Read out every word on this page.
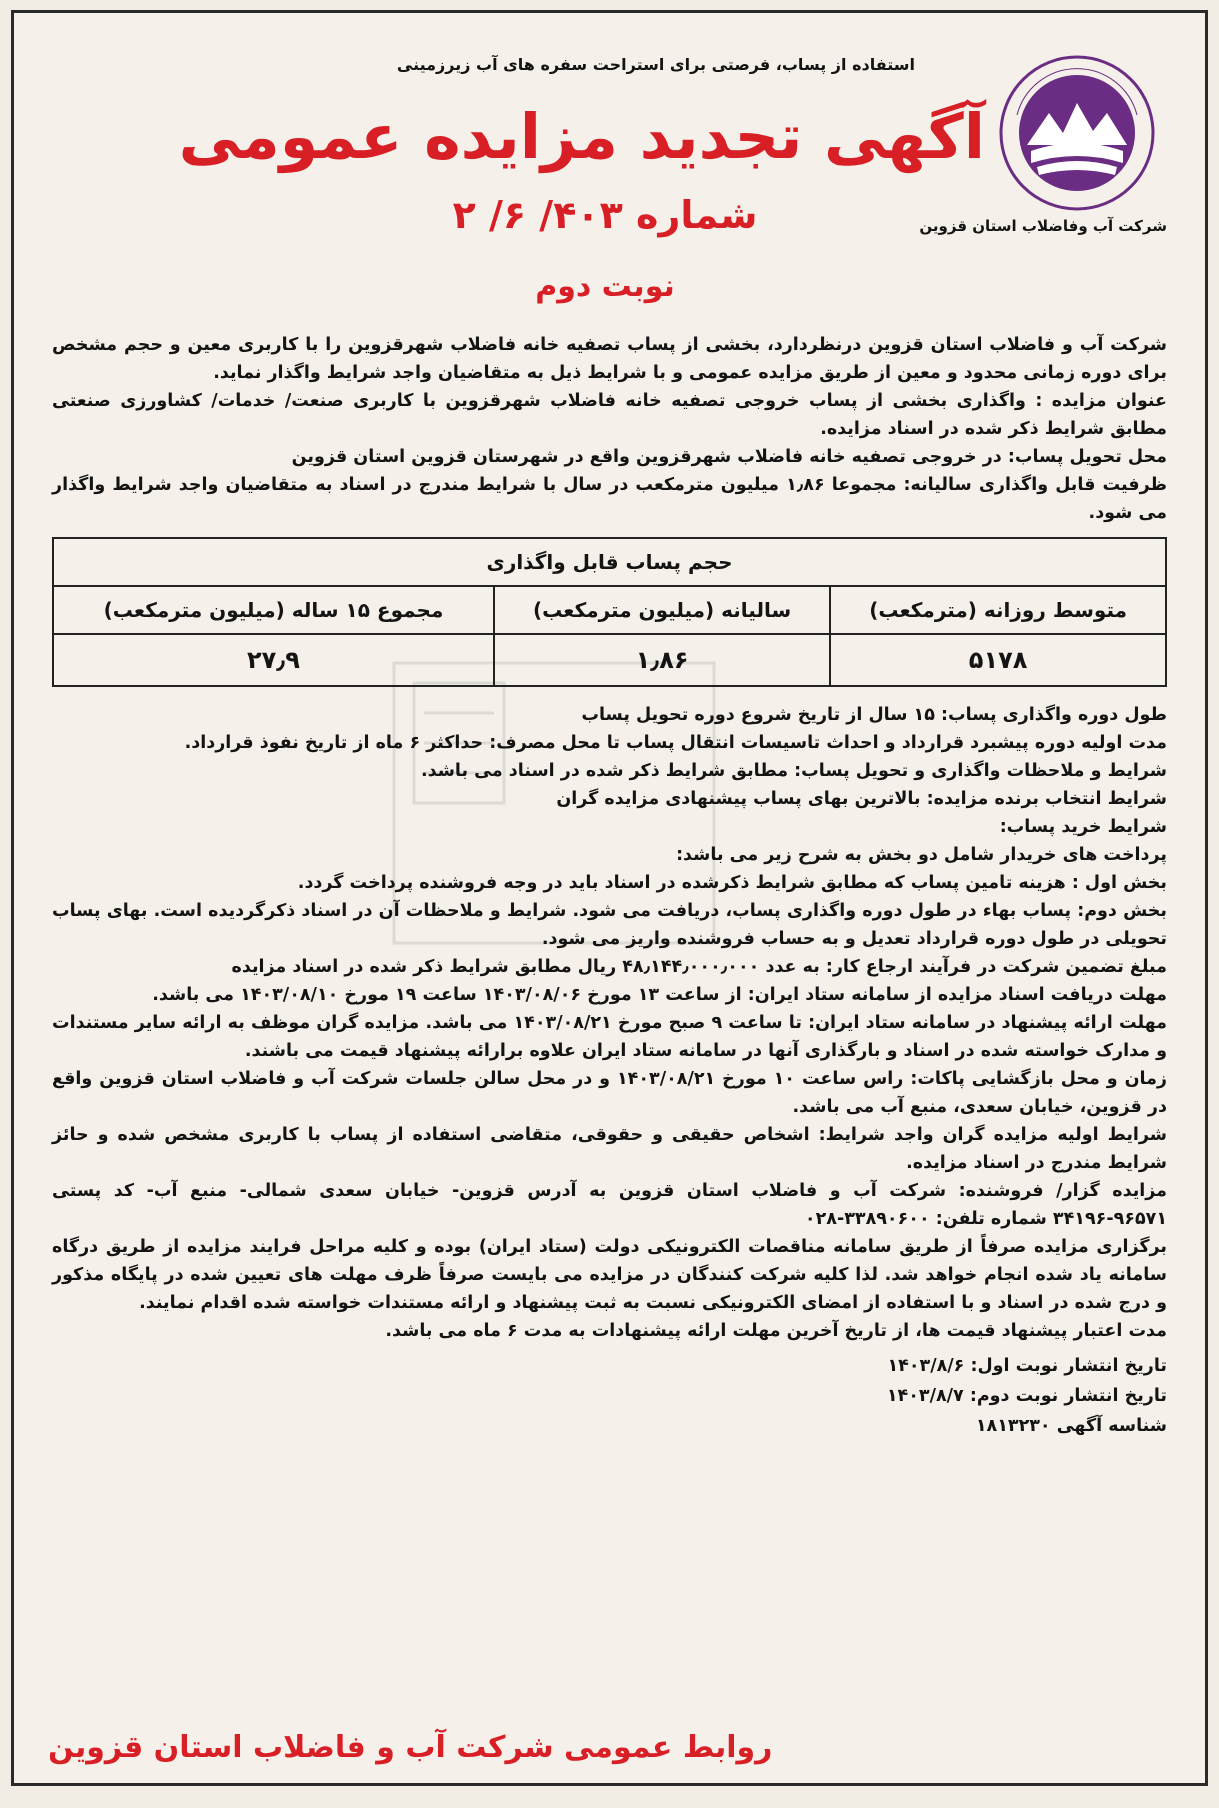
شرکت آب وفاضلاب استان قزوین
استفاده از پساب، فرصتی برای استراحت سفره های آب زیرزمینی
آگهی تجدید مزایده عمومی
شماره ۴۰۳/ ۶/ ۲
نوبت دوم

شرکت آب و فاضلاب استان قزوین درنظردارد، بخشی از پساب تصفیه خانه فاضلاب شهرقزوین را با کاربری معین و حجم مشخص برای دوره زمانی محدود و معین از طریق مزایده عمومی و با شرایط ذیل به متقاضیان واجد شرایط واگذار نماید.

عنوان مزایده : واگذاری بخشی از پساب خروجی تصفیه خانه فاضلاب شهرقزوین با کاربری صنعت/ خدمات/ کشاورزی صنعتی مطابق شرایط ذکر شده در اسناد مزایده.

محل تحویل پساب: در خروجی تصفیه خانه فاضلاب شهرقزوین واقع در شهرستان قزوین استان قزوین

ظرفیت قابل واگذاری سالیانه: مجموعا ۱٫۸۶ میلیون مترمکعب در سال با شرایط مندرج در اسناد به متقاضیان واجد شرایط واگذار می شود.

حجم پساب قابل واگذاری		
متوسط روزانه (مترمکعب)	سالیانه (میلیون مترمکعب)	مجموع ۱۵ ساله (میلیون مترمکعب)
۵۱۷۸	۱٫۸۶	۲۷٫۹

طول دوره واگذاری پساب: ۱۵ سال از تاریخ شروع دوره تحویل پساب

مدت اولیه دوره پیشبرد قرارداد و احداث تاسیسات انتقال پساب تا محل مصرف: حداکثر ۶ ماه از تاریخ نفوذ قرارداد.

شرایط و ملاحظات واگذاری و تحویل پساب: مطابق شرایط ذکر شده در اسناد می باشد.

شرایط انتخاب برنده مزایده: بالاترین بهای پساب پیشنهادی مزایده گران

شرایط خرید پساب:

پرداخت های خریدار شامل دو بخش به شرح زیر می باشد:

بخش اول : هزینه تامین پساب که مطابق شرایط ذکرشده در اسناد باید در وجه فروشنده پرداخت گردد.

بخش دوم: پساب بهاء در طول دوره واگذاری پساب، دریافت می شود. شرایط و ملاحظات آن در اسناد ذکرگردیده است. بهای پساب تحویلی در طول دوره قرارداد تعدیل و به حساب فروشنده واریز می شود.

مبلغ تضمین شرکت در فرآیند ارجاع کار: به عدد ۴۸٫۱۴۴٫۰۰۰٫۰۰۰ ریال مطابق شرایط ذکر شده در اسناد مزایده

مهلت دریافت اسناد مزایده از سامانه ستاد ایران: از ساعت ۱۳ مورخ ۱۴۰۳/۰۸/۰۶ ساعت ۱۹ مورخ ۱۴۰۳/۰۸/۱۰ می باشد.

مهلت ارائه پیشنهاد در سامانه ستاد ایران: تا ساعت ۹ صبح مورخ ۱۴۰۳/۰۸/۲۱ می باشد. مزایده گران موظف به ارائه سایر مستندات و مدارک خواسته شده در اسناد و بارگذاری آنها در سامانه ستاد ایران علاوه برارائه پیشنهاد قیمت می باشند.

زمان و محل بازگشایی پاکات: راس ساعت ۱۰ مورخ ۱۴۰۳/۰۸/۲۱ و در محل سالن جلسات شرکت آب و فاضلاب استان قزوین واقع در قزوین، خیابان سعدی، منبع آب می باشد.

شرایط اولیه مزایده گران واجد شرایط: اشخاص حقیقی و حقوقی، متقاضی استفاده از پساب با کاربری مشخص شده و حائز شرایط مندرج در اسناد مزایده.

مزایده گزار/ فروشنده: شرکت آب و فاضلاب استان قزوین به آدرس قزوین- خیابان سعدی شمالی- منبع آب- کد پستی ۹۶۵۷۱-۳۴۱۹۶ شماره تلفن: ۳۳۸۹۰۶۰۰-۰۲۸

برگزاری مزایده صرفاً از طریق سامانه مناقصات الکترونیکی دولت (ستاد ایران) بوده و کلیه مراحل فرایند مزایده از طریق درگاه سامانه یاد شده انجام خواهد شد. لذا کلیه شرکت کنندگان در مزایده می بایست صرفاً ظرف مهلت های تعیین شده در پایگاه مذکور و درج شده در اسناد و با استفاده از امضای الکترونیکی نسبت به ثبت پیشنهاد و ارائه مستندات خواسته شده اقدام نمایند.

مدت اعتبار پیشنهاد قیمت ها، از تاریخ آخرین مهلت ارائه پیشنهادات به مدت ۶ ماه می باشد.

تاریخ انتشار نوبت اول: ۱۴۰۳/۸/۶
تاریخ انتشار نوبت دوم: ۱۴۰۳/۸/۷
شناسه آگهی ۱۸۱۳۲۳۰
روابط عمومی شرکت آب و فاضلاب استان قزوین
